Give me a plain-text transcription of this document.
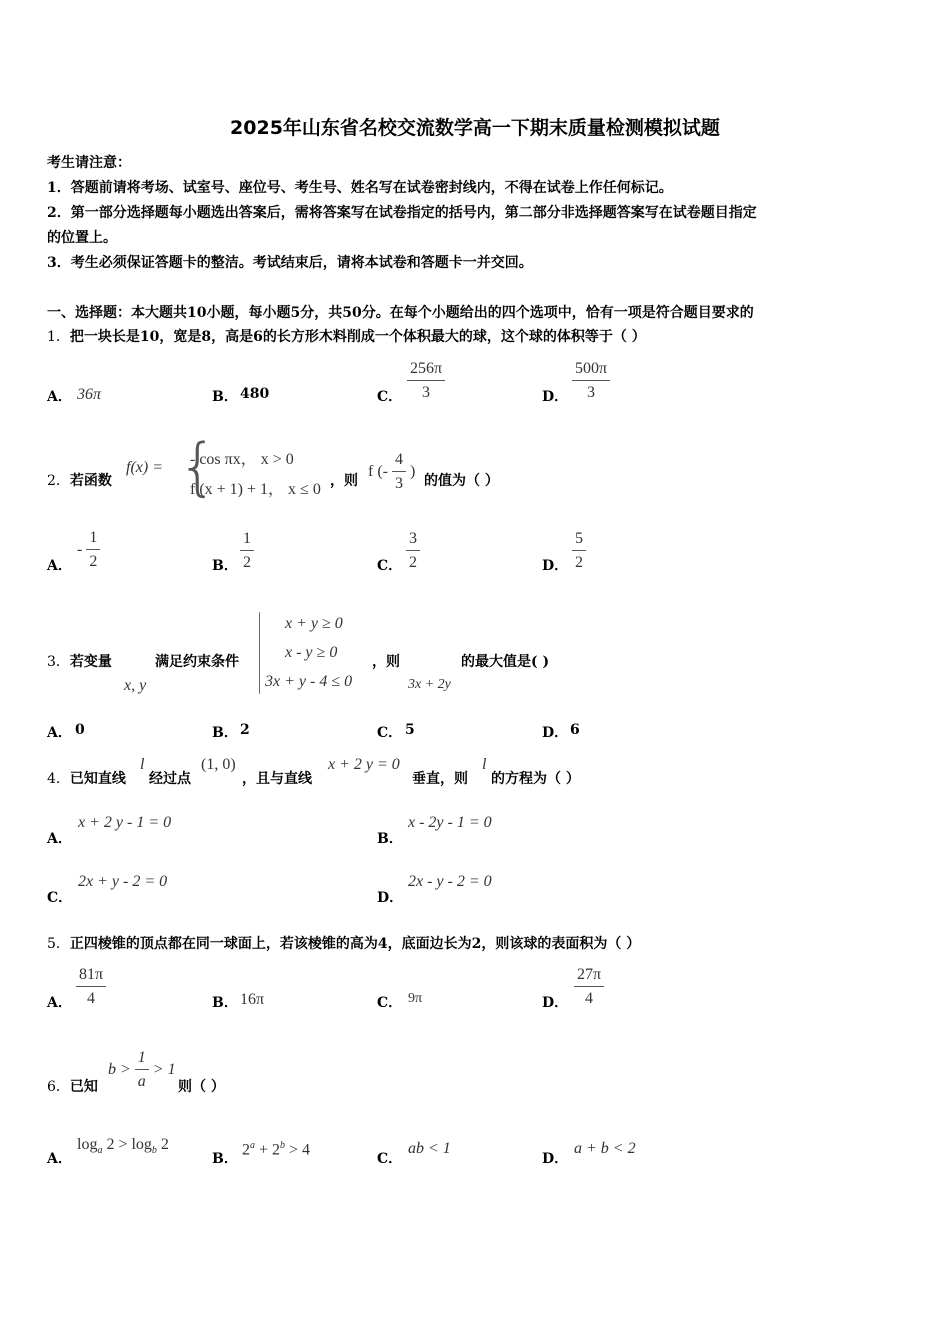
2025年山东省名校交流数学高一下期末质量检测模拟试题
考生请注意：
1．答题前请将考场、试室号、座位号、考生号、姓名写在试卷密封线内，不得在试卷上作任何标记。
2．第一部分选择题每小题选出答案后，需将答案写在试卷指定的括号内，第二部分非选择题答案写在试卷题目指定
的位置上。
3．考生必须保证答题卡的整洁。考试结束后，请将本试卷和答题卡一并交回。
一、选择题：本大题共10小题，每小题5分，共50分。在每个小题给出的四个选项中，恰有一项是符合题目要求的
1．把一块长是10，宽是8，高是6的长方形木料削成一个体积最大的球，这个球的体积等于（ ）
A． 36π	B． 480	C． $\frac{256\pi}{3}$	D． $\frac{500\pi}{3}$
2．若函数
f(x) = {
- cos πx， x > 0
f (x + 1) + 1， x ≤ 0 ，则
f (- $\frac{4}{3}$ )
的值为（ ）
A．
- $\frac{1}{2}$	B． $\frac{1}{2}$	C． $\frac{3}{2}$	D． $\frac{5}{2}$
3．若变量
x, y
满足约束条件
x + y ≥ 0
x - y ≥ 0
3x + y - 4 ≤ 0
，则
3x + 2y
的最大值是( )
A． 0	B． 2	C． 5	D． 6
4．已知直线
l
经过点
(1, 0)
，且与直线
x + 2 y = 0
垂直，则
l
的方程为（ ）
A．
x + 2 y - 1 = 0
B．
x - 2y - 1 = 0
C．
2x + y - 2 = 0
D．
2x - y - 2 = 0
5．正四棱锥的顶点都在同一球面上，若该棱锥的高为4，底面边长为2，则该球的表面积为（ ）
A． $\frac{81\pi}{4}$	B． 16π	C． 9π	D． $\frac{27\pi}{4}$
6．已知
$b > \frac{1}{a} > 1$
则（ ）
A．
$\log_a 2 > \log_b 2$
B．
$2^a + 2^b > 4$
C．
ab < 1
D．
a + b < 2
